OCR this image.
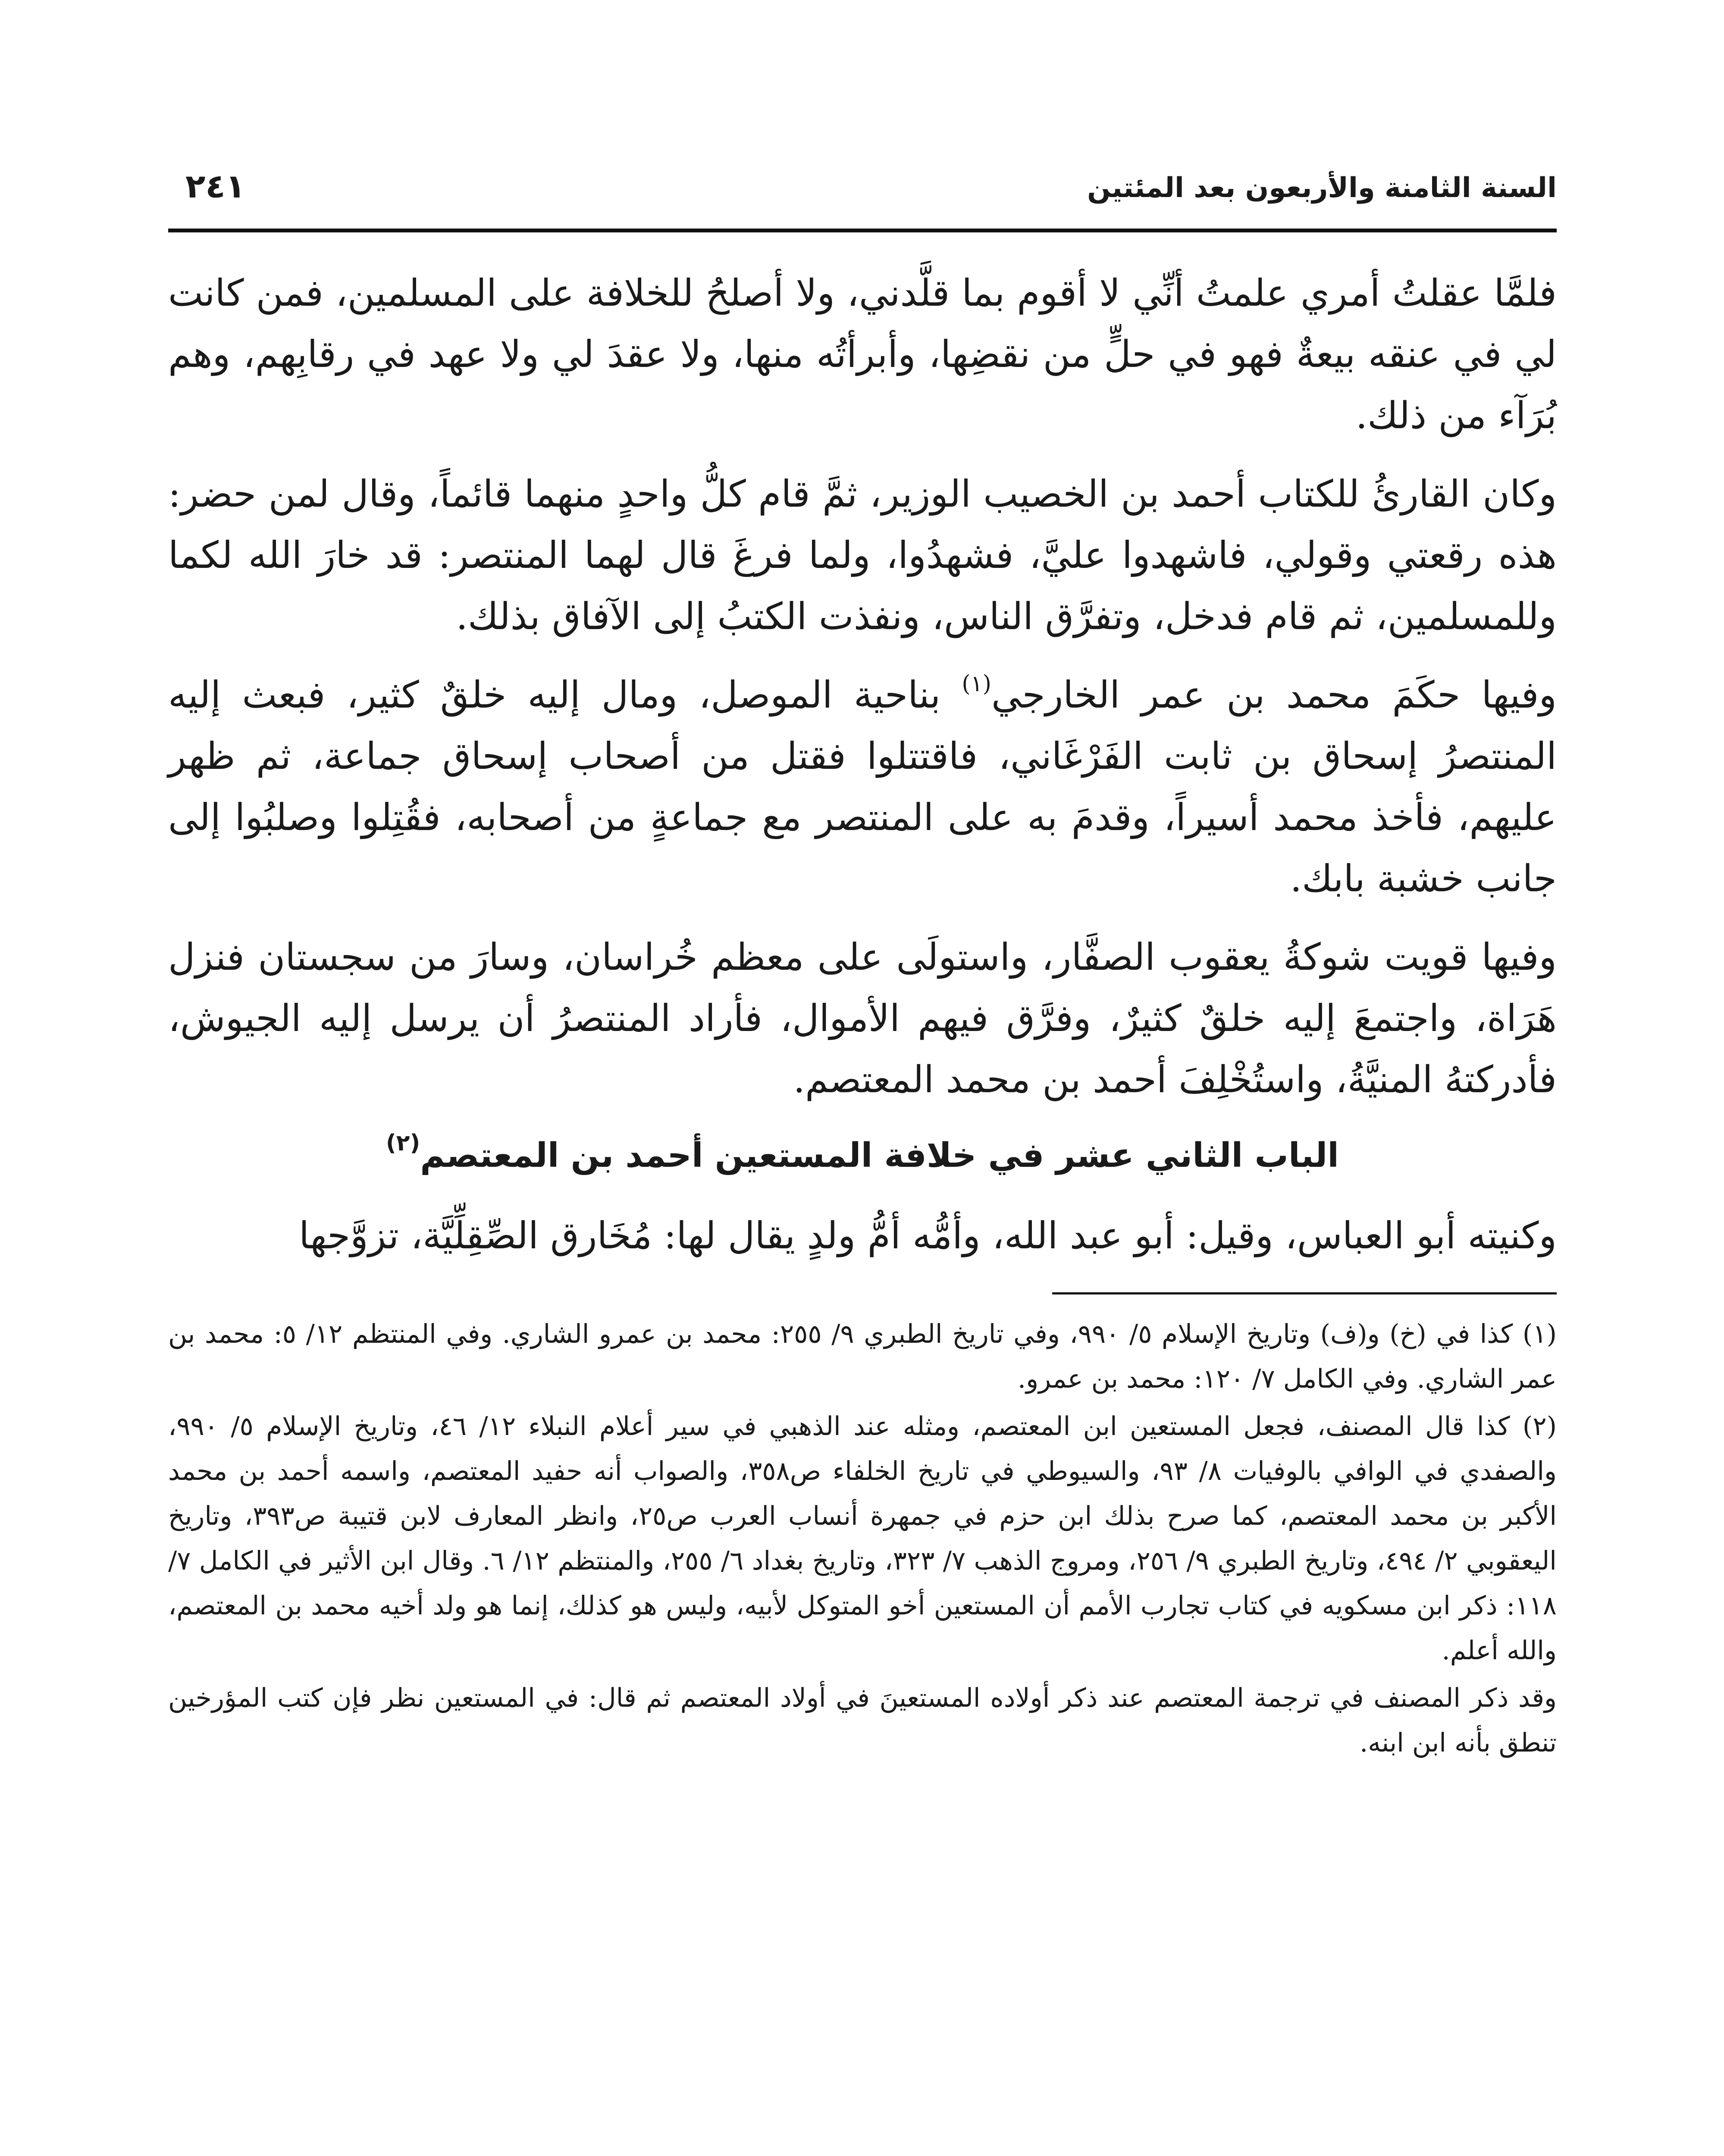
السنة الثامنة والأربعون بعد المئتين
٢٤١

فلمَّا عقلتُ أمري علمتُ أنِّي لا أقوم بما قلَّدني، ولا أصلحُ للخلافة على المسلمين، فمن كانت لي في عنقه بيعةٌ فهو في حلٍّ من نقضِها، وأبرأتُه منها، ولا عقدَ لي ولا عهد في رقابِهم، وهم بُرَآء من ذلك.

وكان القارئُ للكتاب أحمد بن الخصيب الوزير، ثمَّ قام كلُّ واحدٍ منهما قائماً، وقال لمن حضر: هذه رقعتي وقولي، فاشهدوا عليَّ، فشهدُوا، ولما فرغَ قال لهما المنتصر: قد خارَ الله لكما وللمسلمين، ثم قام فدخل، وتفرَّق الناس، ونفذت الكتبُ إلى الآفاق بذلك.

وفيها حكَمَ محمد بن عمر الخارجي$^{(١)}$ بناحية الموصل، ومال إليه خلقٌ كثير، فبعث إليه المنتصرُ إسحاق بن ثابت الفَرْغَاني، فاقتتلوا فقتل من أصحاب إسحاق جماعة، ثم ظهر عليهم، فأخذ محمد أسيراً، وقدمَ به على المنتصر مع جماعةٍ من أصحابه، فقُتِلوا وصلبُوا إلى جانب خشبة بابك.

وفيها قويت شوكةُ يعقوب الصفَّار، واستولَى على معظم خُراسان، وسارَ من سجستان فنزل هَرَاة، واجتمعَ إليه خلقٌ كثيرٌ، وفرَّق فيهم الأموال، فأراد المنتصرُ أن يرسل إليه الجيوش، فأدركتهُ المنيَّةُ، واستُخْلِفَ أحمد بن محمد المعتصم.

الباب الثاني عشر في خلافة المستعين أحمد بن المعتصم$^{(٢)}$

وكنيته أبو العباس، وقيل: أبو عبد الله، وأمُّه أمُّ ولدٍ يقال لها: مُخَارق الصِّقِلِّيَّة، تزوَّجها

(١) كذا في (خ) و(ف) وتاريخ الإسلام ٥/ ٩٩٠، وفي تاريخ الطبري ٩/ ٢٥٥: محمد بن عمرو الشاري. وفي المنتظم ١٢/ ٥: محمد بن عمر الشاري. وفي الكامل ٧/ ١٢٠: محمد بن عمرو.

(٢) كذا قال المصنف، فجعل المستعين ابن المعتصم، ومثله عند الذهبي في سير أعلام النبلاء ١٢/ ٤٦، وتاريخ الإسلام ٥/ ٩٩٠، والصفدي في الوافي بالوفيات ٨/ ٩٣، والسيوطي في تاريخ الخلفاء ص٣٥٨، والصواب أنه حفيد المعتصم، واسمه أحمد بن محمد الأكبر بن محمد المعتصم، كما صرح بذلك ابن حزم في جمهرة أنساب العرب ص٢٥، وانظر المعارف لابن قتيبة ص٣٩٣، وتاريخ اليعقوبي ٢/ ٤٩٤، وتاريخ الطبري ٩/ ٢٥٦، ومروج الذهب ٧/ ٣٢٣، وتاريخ بغداد ٦/ ٢٥٥، والمنتظم ١٢/ ٦. وقال ابن الأثير في الكامل ٧/ ١١٨: ذكر ابن مسكويه في كتاب تجارب الأمم أن المستعين أخو المتوكل لأبيه، وليس هو كذلك، إنما هو ولد أخيه محمد بن المعتصم، والله أعلم.

وقد ذكر المصنف في ترجمة المعتصم عند ذكر أولاده المستعينَ في أولاد المعتصم ثم قال: في المستعين نظر فإن كتب المؤرخين تنطق بأنه ابن ابنه.
